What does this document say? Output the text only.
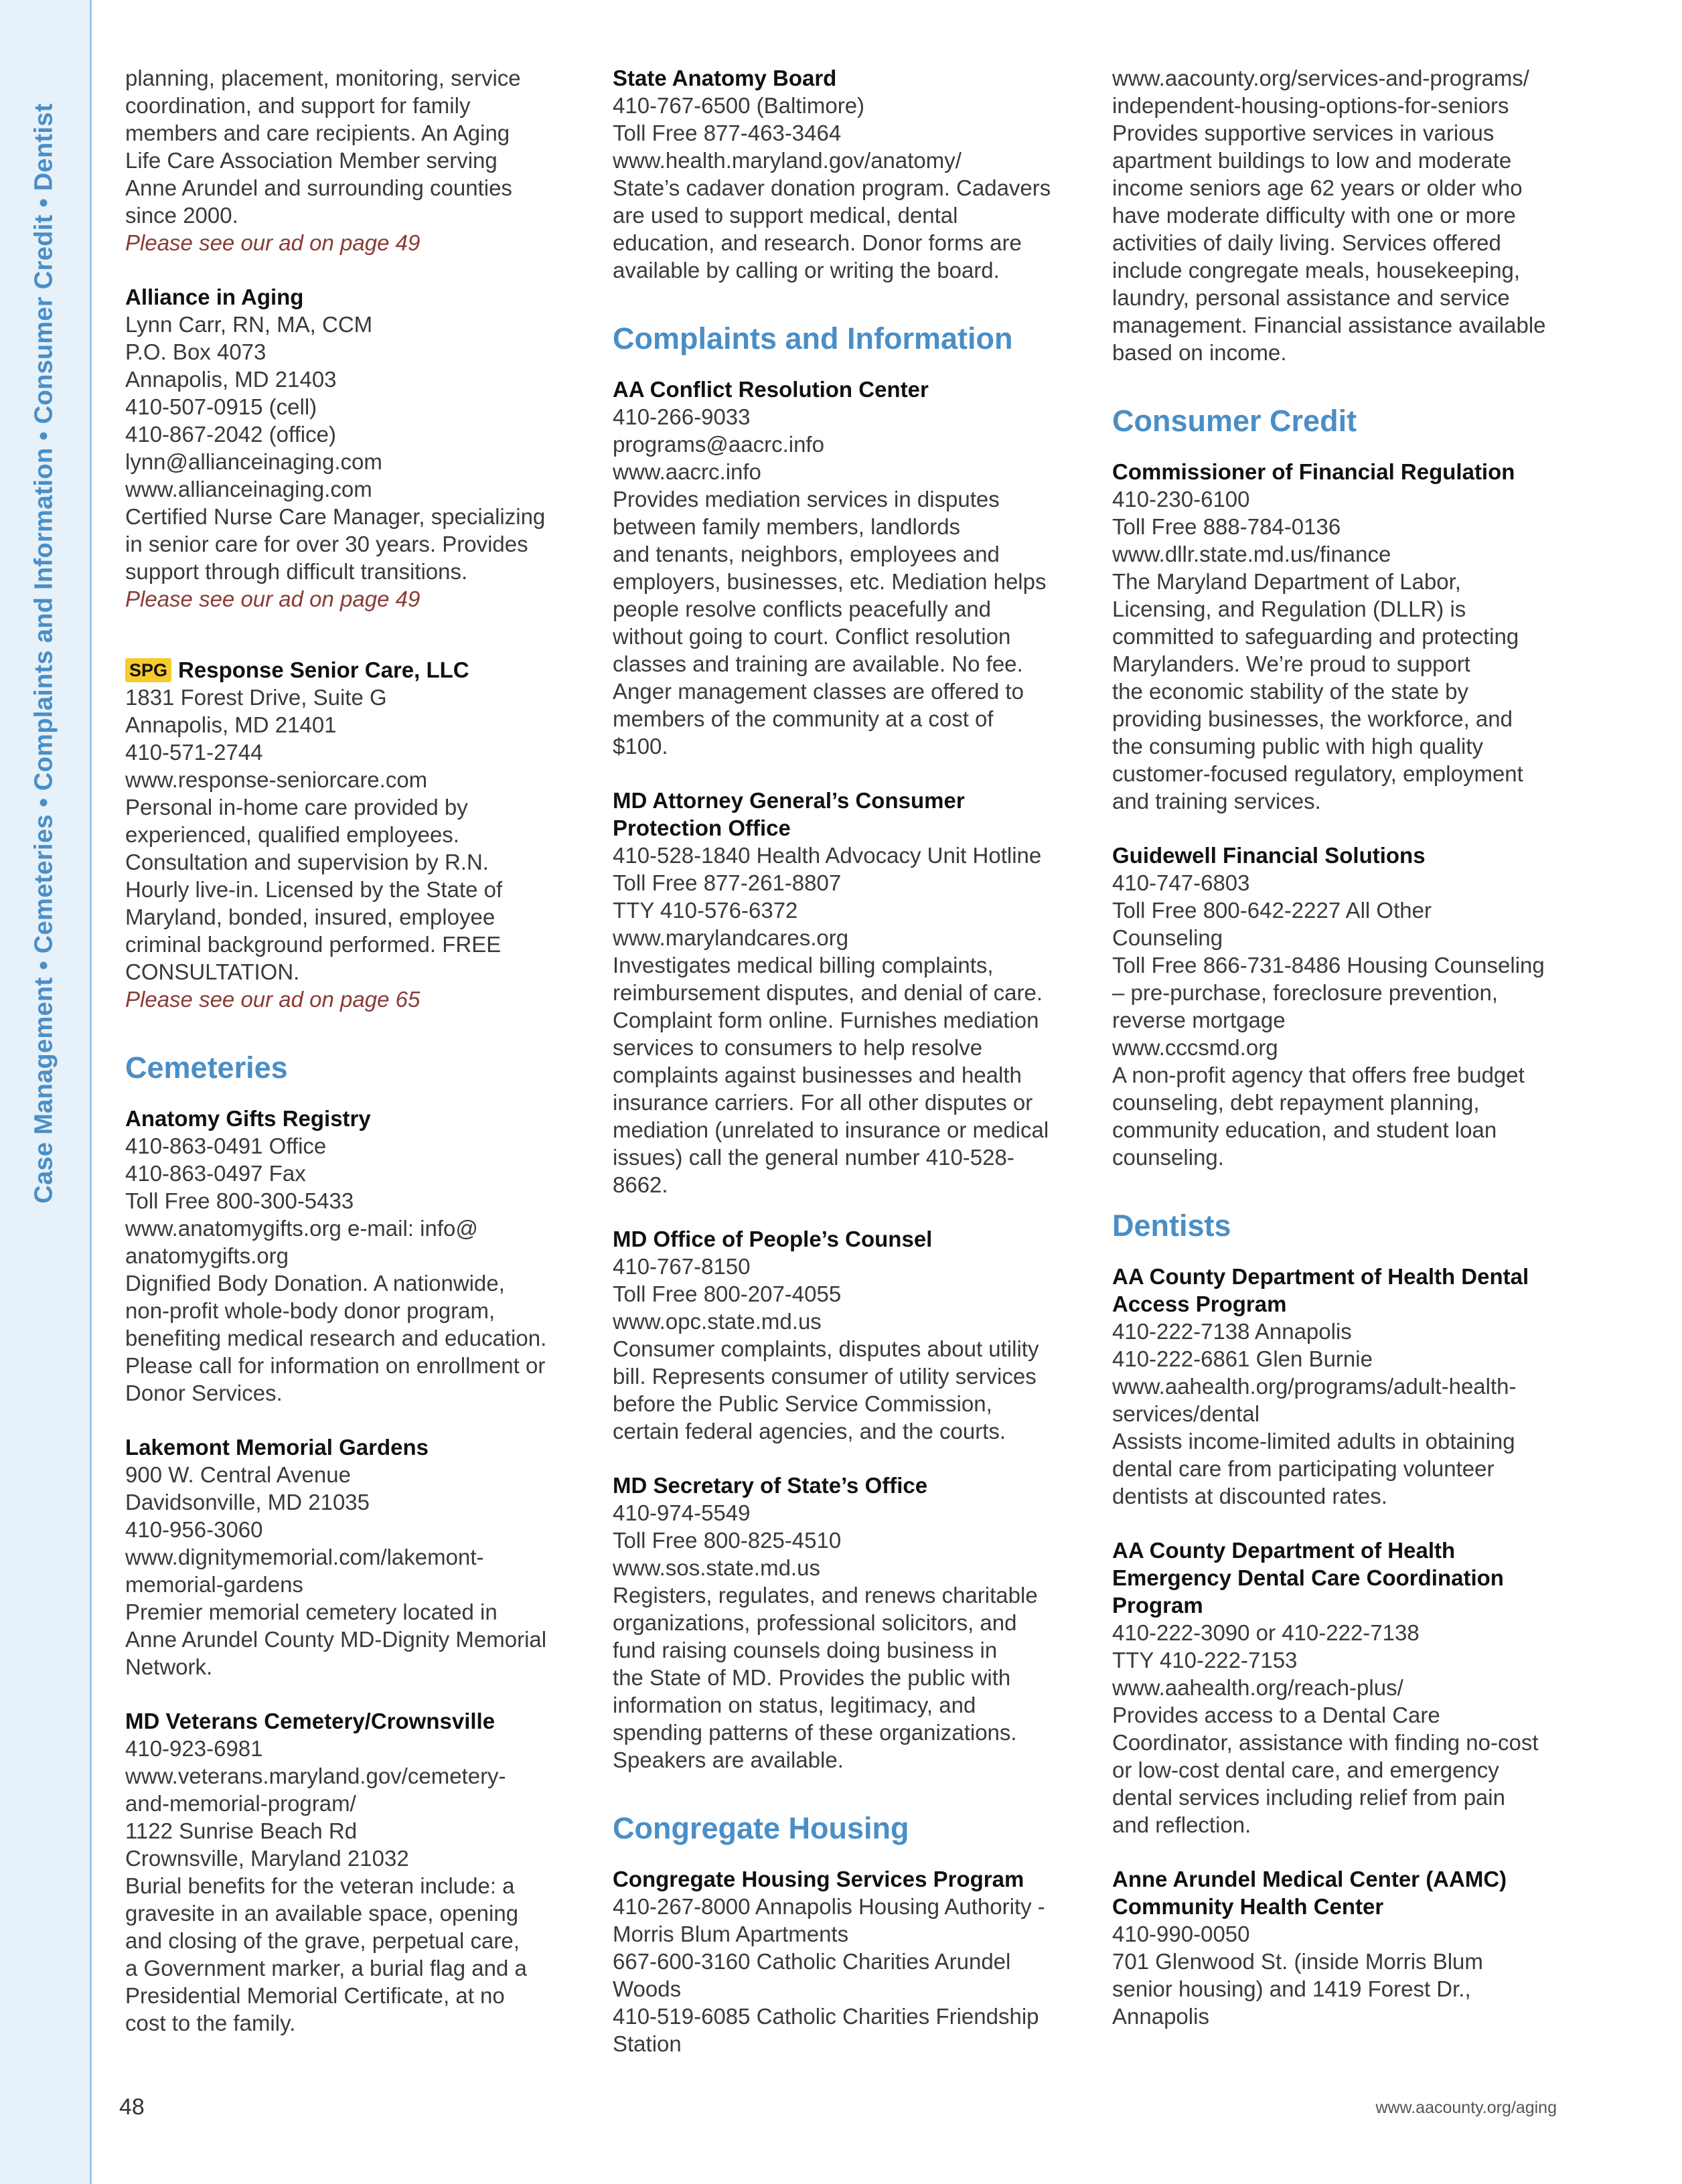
Case Management • Cemeteries • Complaints and Information • Consumer Credit • Dentist
planning, placement, monitoring, service
coordination, and support for family
members and care recipients. An Aging
Life Care Association Member serving
Anne Arundel and surrounding counties
since 2000.
Please see our ad on page 49
Alliance in Aging
Lynn Carr, RN, MA, CCM
P.O. Box 4073
Annapolis, MD 21403
410-507-0915 (cell)
410-867-2042 (office)
lynn@allianceinaging.com
www.allianceinaging.com
Certified Nurse Care Manager, specializing
in senior care for over 30 years. Provides
support through difficult transitions.
Please see our ad on page 49
SPG Response Senior Care, LLC
1831 Forest Drive, Suite G
Annapolis, MD 21401
410-571-2744
www.response-seniorcare.com
Personal in-home care provided by
experienced, qualified employees.
Consultation and supervision by R.N.
Hourly live-in. Licensed by the State of
Maryland, bonded, insured, employee
criminal background performed. FREE
CONSULTATION.
Please see our ad on page 65
Cemeteries
Anatomy Gifts Registry
410-863-0491 Office
410-863-0497 Fax
Toll Free 800-300-5433
www.anatomygifts.org e-mail: info@
anatomygifts.org
Dignified Body Donation. A nationwide,
non-profit whole-body donor program,
benefiting medical research and education.
Please call for information on enrollment or
Donor Services.
Lakemont Memorial Gardens
900 W. Central Avenue
Davidsonville, MD 21035
410-956-3060
www.dignitymemorial.com/lakemont-
memorial-gardens
Premier memorial cemetery located in
Anne Arundel County MD-Dignity Memorial
Network.
MD Veterans Cemetery/Crownsville
410-923-6981
www.veterans.maryland.gov/cemetery-
and-memorial-program/
1122 Sunrise Beach Rd
Crownsville, Maryland 21032
Burial benefits for the veteran include: a
gravesite in an available space, opening
and closing of the grave, perpetual care,
a Government marker, a burial flag and a
Presidential Memorial Certificate, at no
cost to the family.
State Anatomy Board
410-767-6500 (Baltimore)
Toll Free 877-463-3464
www.health.maryland.gov/anatomy/
State’s cadaver donation program. Cadavers
are used to support medical, dental
education, and research. Donor forms are
available by calling or writing the board.
Complaints and Information
AA Conflict Resolution Center
410-266-9033
programs@aacrc.info
www.aacrc.info
Provides mediation services in disputes
between family members, landlords
and tenants, neighbors, employees and
employers, businesses, etc. Mediation helps
people resolve conflicts peacefully and
without going to court. Conflict resolution
classes and training are available. No fee.
Anger management classes are offered to
members of the community at a cost of
$100.
MD Attorney General’s Consumer
Protection Office
410-528-1840 Health Advocacy Unit Hotline
Toll Free 877-261-8807
TTY 410-576-6372
www.marylandcares.org
Investigates medical billing complaints,
reimbursement disputes, and denial of care.
Complaint form online. Furnishes mediation
services to consumers to help resolve
complaints against businesses and health
insurance carriers. For all other disputes or
mediation (unrelated to insurance or medical
issues) call the general number 410-528-
8662.
MD Office of People’s Counsel
410-767-8150
Toll Free 800-207-4055
www.opc.state.md.us
Consumer complaints, disputes about utility
bill. Represents consumer of utility services
before the Public Service Commission,
certain federal agencies, and the courts.
MD Secretary of State’s Office
410-974-5549
Toll Free 800-825-4510
www.sos.state.md.us
Registers, regulates, and renews charitable
organizations, professional solicitors, and
fund raising counsels doing business in
the State of MD. Provides the public with
information on status, legitimacy, and
spending patterns of these organizations.
Speakers are available.
Congregate Housing
Congregate Housing Services Program
410-267-8000 Annapolis Housing Authority -
Morris Blum Apartments
667-600-3160 Catholic Charities Arundel
Woods
410-519-6085 Catholic Charities Friendship
Station
www.aacounty.org/services-and-programs/
independent-housing-options-for-seniors
Provides supportive services in various
apartment buildings to low and moderate
income seniors age 62 years or older who
have moderate difficulty with one or more
activities of daily living. Services offered
include congregate meals, housekeeping,
laundry, personal assistance and service
management. Financial assistance available
based on income.
Consumer Credit
Commissioner of Financial Regulation
410-230-6100
Toll Free 888-784-0136
www.dllr.state.md.us/finance
The Maryland Department of Labor,
Licensing, and Regulation (DLLR) is
committed to safeguarding and protecting
Marylanders. We’re proud to support
the economic stability of the state by
providing businesses, the workforce, and
the consuming public with high quality
customer-focused regulatory, employment
and training services.
Guidewell Financial Solutions
410-747-6803
Toll Free 800-642-2227 All Other
Counseling
Toll Free 866-731-8486 Housing Counseling
– pre-purchase, foreclosure prevention,
reverse mortgage
www.cccsmd.org
A non-profit agency that offers free budget
counseling, debt repayment planning,
community education, and student loan
counseling.
Dentists
AA County Department of Health Dental
Access Program
410-222-7138 Annapolis
410-222-6861 Glen Burnie
www.aahealth.org/programs/adult-health-
services/dental
Assists income-limited adults in obtaining
dental care from participating volunteer
dentists at discounted rates.
AA County Department of Health
Emergency Dental Care Coordination
Program
410-222-3090 or 410-222-7138
TTY 410-222-7153
www.aahealth.org/reach-plus/
Provides access to a Dental Care
Coordinator, assistance with finding no-cost
or low-cost dental care, and emergency
dental services including relief from pain
and reflection.
Anne Arundel Medical Center (AAMC)
Community Health Center
410-990-0050
701 Glenwood St. (inside Morris Blum
senior housing) and 1419 Forest Dr.,
Annapolis
48	www.aacounty.org/aging
